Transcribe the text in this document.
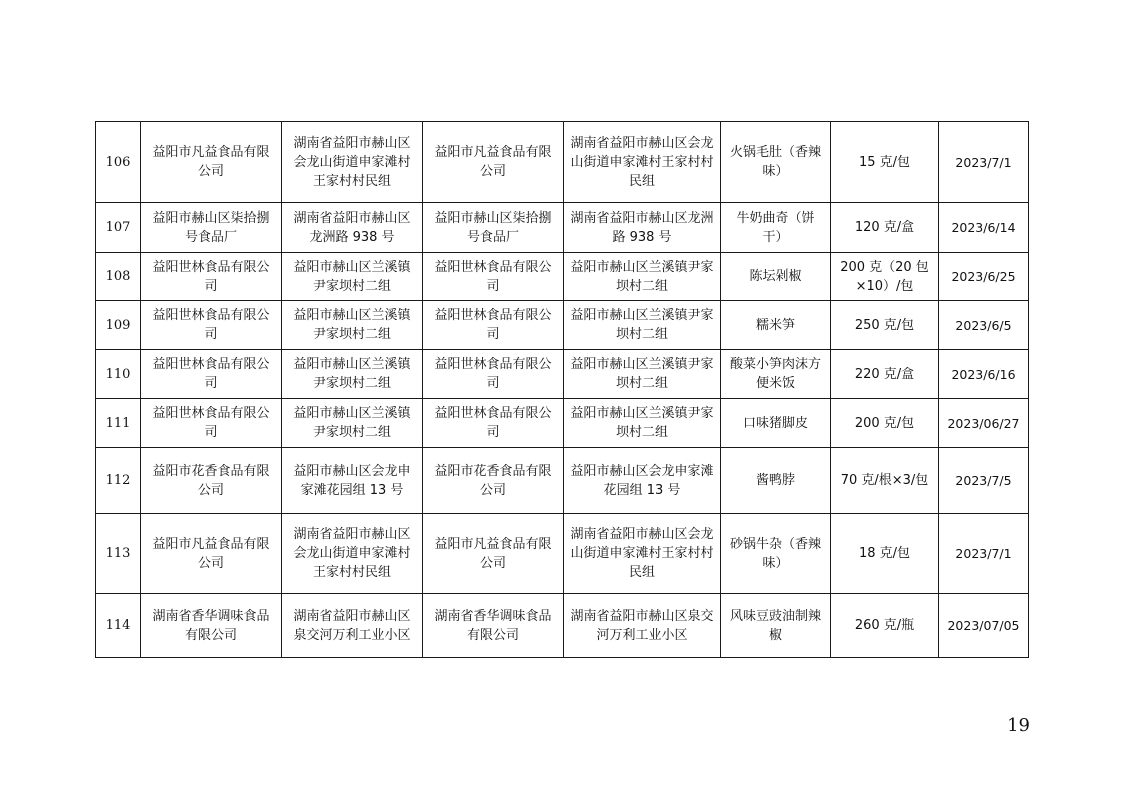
106	益阳市凡益食品有限公司	湖南省益阳市赫山区会龙山街道申家滩村王家村村民组	益阳市凡益食品有限公司	湖南省益阳市赫山区会龙山街道申家滩村王家村村民组	火锅毛肚（香辣味）	15 克/包	2023/7/1
107	益阳市赫山区柒拾捌号食品厂	湖南省益阳市赫山区龙洲路 938 号	益阳市赫山区柒拾捌号食品厂	湖南省益阳市赫山区龙洲路 938 号	牛奶曲奇（饼干）	120 克/盒	2023/6/14
108	益阳世林食品有限公司	益阳市赫山区兰溪镇尹家坝村二组	益阳世林食品有限公司	益阳市赫山区兰溪镇尹家坝村二组	陈坛剁椒	200 克（20 包×10）/包	2023/6/25
109	益阳世林食品有限公司	益阳市赫山区兰溪镇尹家坝村二组	益阳世林食品有限公司	益阳市赫山区兰溪镇尹家坝村二组	糯米笋	250 克/包	2023/6/5
110	益阳世林食品有限公司	益阳市赫山区兰溪镇尹家坝村二组	益阳世林食品有限公司	益阳市赫山区兰溪镇尹家坝村二组	酸菜小笋肉沫方便米饭	220 克/盒	2023/6/16
111	益阳世林食品有限公司	益阳市赫山区兰溪镇尹家坝村二组	益阳世林食品有限公司	益阳市赫山区兰溪镇尹家坝村二组	口味猪脚皮	200 克/包	2023/06/27
112	益阳市花香食品有限公司	益阳市赫山区会龙申家滩花园组 13 号	益阳市花香食品有限公司	益阳市赫山区会龙申家滩花园组 13 号	酱鸭脖	70 克/根×3/包	2023/7/5
113	益阳市凡益食品有限公司	湖南省益阳市赫山区会龙山街道申家滩村王家村村民组	益阳市凡益食品有限公司	湖南省益阳市赫山区会龙山街道申家滩村王家村村民组	砂锅牛杂（香辣味）	18 克/包	2023/7/1
114	湖南省香华调味食品有限公司	湖南省益阳市赫山区泉交河万利工业小区	湖南省香华调味食品有限公司	湖南省益阳市赫山区泉交河万利工业小区	风味豆豉油制辣椒	260 克/瓶	2023/07/05
19
